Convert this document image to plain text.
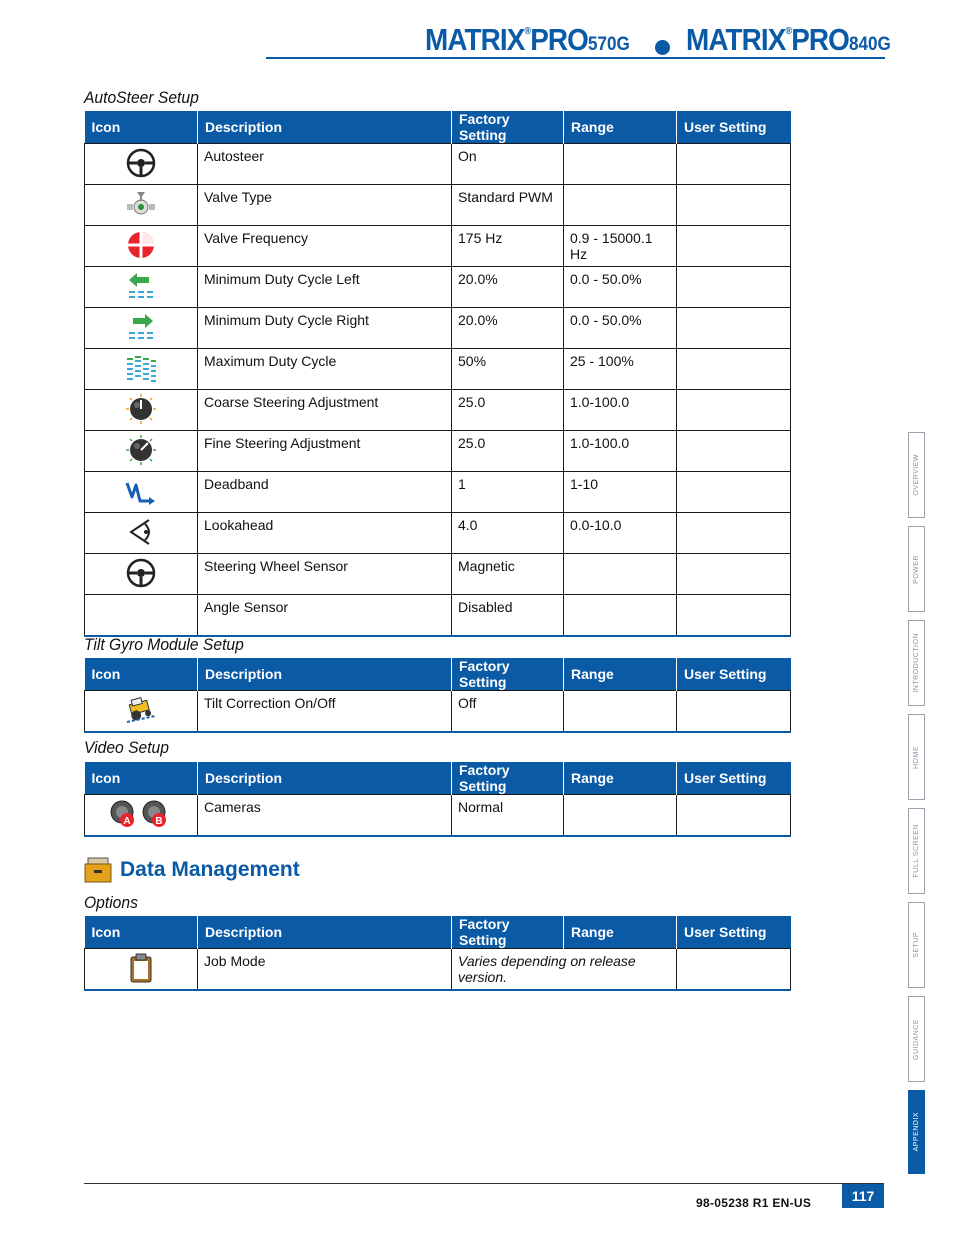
MATRIX®PRO570G MATRIX®PRO840G
AutoSteer Setup
Icon	Description	Factory Setting	Range	User Setting
	Autosteer	On		
	Valve Type	Standard PWM		
	Valve Frequency	175 Hz	0.9 - 15000.1 Hz	
	Minimum Duty Cycle Left	20.0%	0.0 - 50.0%	
	Minimum Duty Cycle Right	20.0%	0.0 - 50.0%	
	Maximum Duty Cycle	50%	25 - 100%	
	Coarse Steering Adjustment	25.0	1.0-100.0	
	Fine Steering Adjustment	25.0	1.0-100.0	
	Deadband	1	1-10	
	Lookahead	4.0	0.0-10.0	
	Steering Wheel Sensor	Magnetic		
	Angle Sensor	Disabled		
Tilt Gyro Module Setup
Icon	Description	Factory Setting	Range	User Setting
	Tilt Correction On/Off	Off		
Video Setup
Icon	Description	Factory Setting	Range	User Setting

A B	Cameras	Normal		
Data Management
Options
Icon	Description	Factory Setting	Range	User Setting
	Job Mode	Varies depending on release version.		
OVERVIEW
POWER
INTRODUCTION
HOME
FULL SCREEN
SETUP
GUIDANCE
APPENDIX
117
98-05238 R1 EN-US
